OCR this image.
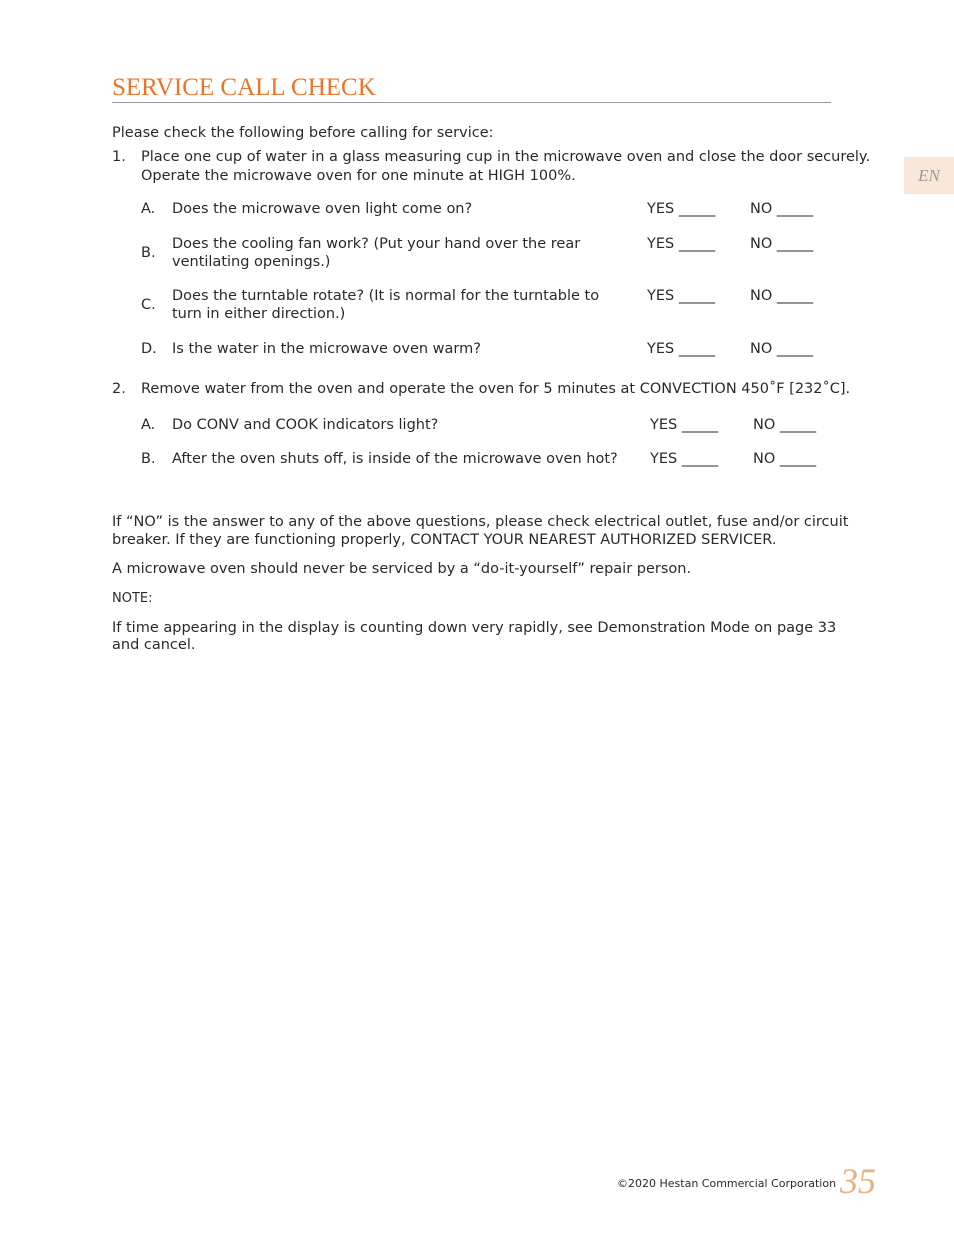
SERVICE CALL CHECK
EN
Please check the following before calling for service:
1. Place one cup of water in a glass measuring cup in the microwave oven and close the door securely.
Operate the microwave oven for one minute at HIGH 100%.
A. Does the microwave oven light come on?	YES _____ NO _____
B.
Does the cooling fan work? (Put your hand over the rear
ventilating openings.)
YES _____ NO _____
C.
Does the turntable rotate? (It is normal for the turntable to
turn in either direction.)
YES _____ NO _____
D. Is the water in the microwave oven warm?	YES _____ NO _____
2. Remove water from the oven and operate the oven for 5 minutes at CONVECTION 450˚F [232˚C].
A. Do CONV and COOK indicators light?	YES _____ NO _____
B. After the oven shuts off, is inside of the microwave oven hot? YES _____ NO _____
If “NO” is the answer to any of the above questions, please check electrical outlet, fuse and/or circuit
breaker. If they are functioning properly, CONTACT YOUR NEAREST AUTHORIZED SERVICER.
A microwave oven should never be serviced by a “do-it-yourself” repair person.
NOTE:
If time appearing in the display is counting down very rapidly, see Demonstration Mode on page 33
and cancel.
©2020 Hestan Commercial Corporation 35
